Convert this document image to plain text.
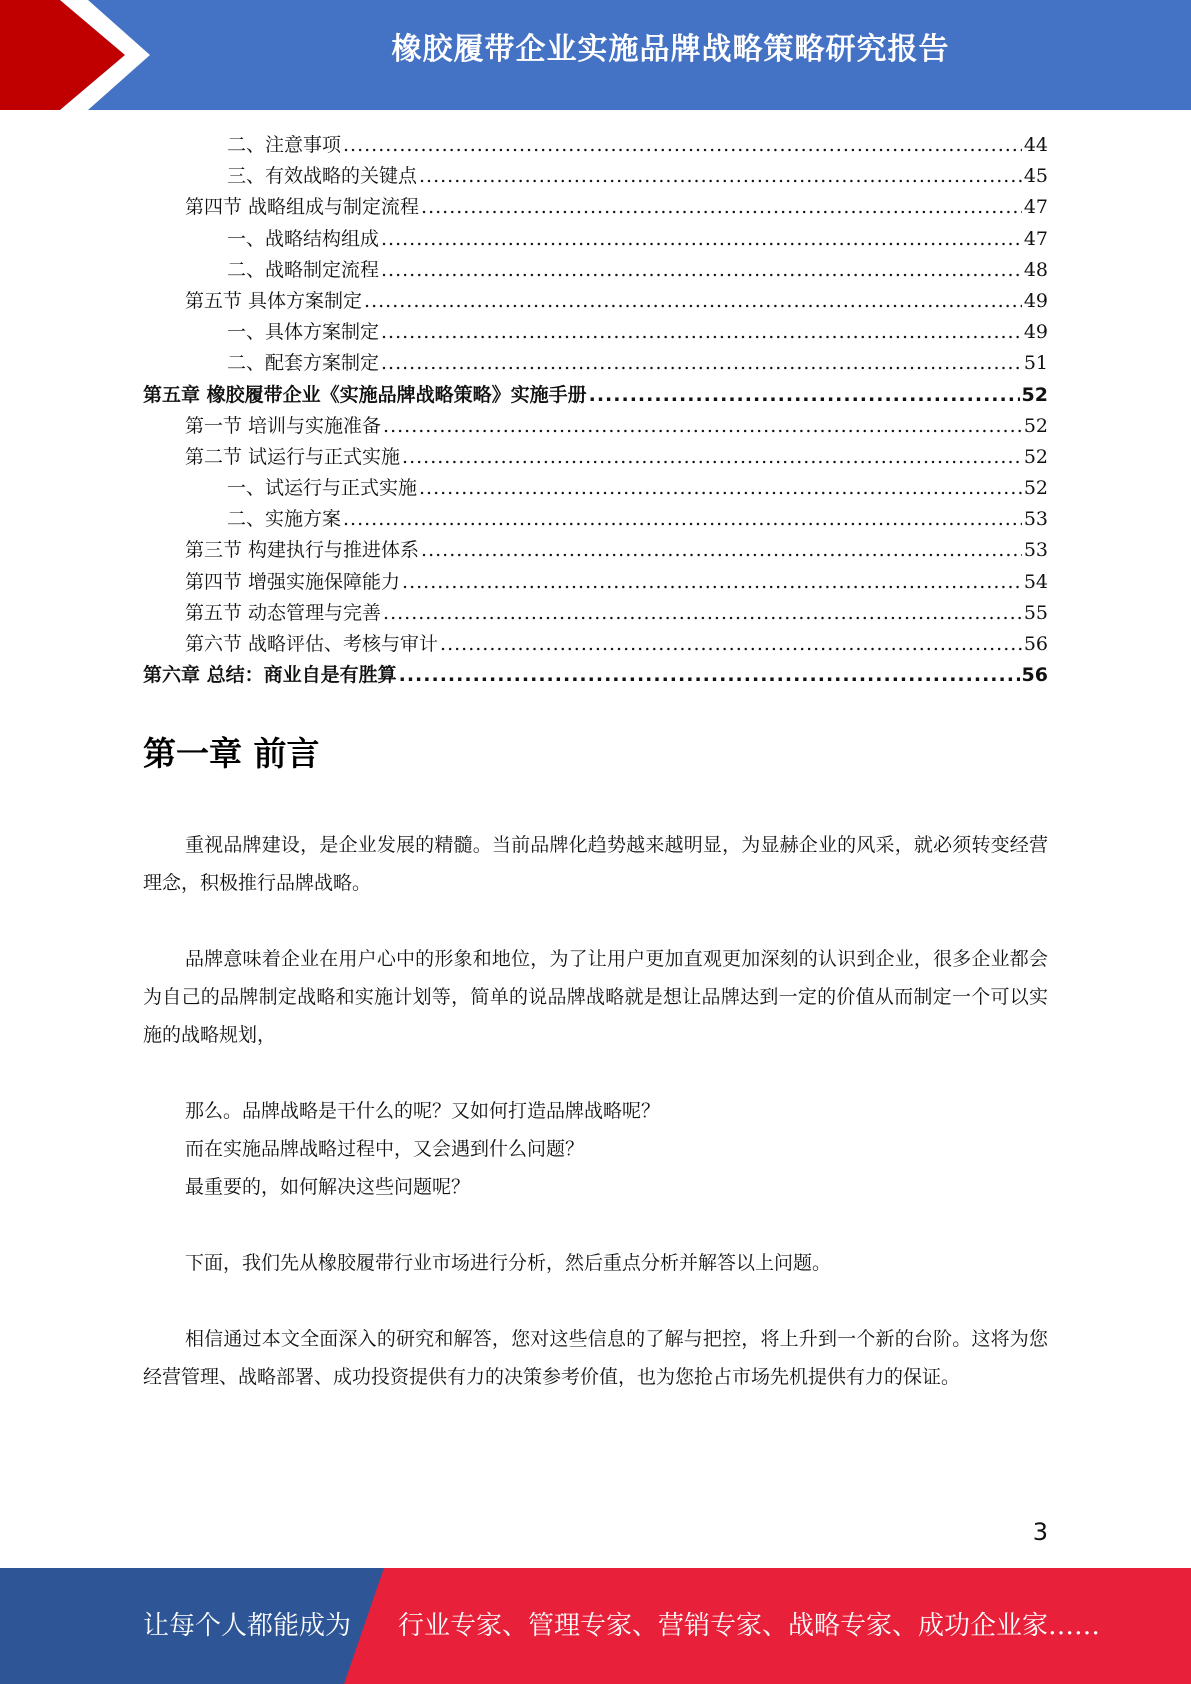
橡胶履带企业实施品牌战略策略研究报告
二、注意事项 .....	44
三、有效战略的关键点 .....	45
第四节 战略组成与制定流程 .....	47
一、战略结构组成 .....	47
二、战略制定流程 .....	48
第五节 具体方案制定 .....	49
一、具体方案制定 .....	49
二、配套方案制定 .....	51
第五章 橡胶履带企业《实施品牌战略策略》实施手册 .....	52
第一节 培训与实施准备 .....	52
第二节 试运行与正式实施 .....	52
一、试运行与正式实施 .....	52
二、实施方案 .....	53
第三节 构建执行与推进体系 .....	53
第四节 增强实施保障能力 .....	54
第五节 动态管理与完善 .....	55
第六节 战略评估、考核与审计 .....	56
第六章 总结：商业自是有胜算 .....	56
第一章 前言

重视品牌建设，是企业发展的精髓。当前品牌化趋势越来越明显，为显赫企业的风采，就必须转变经营理念，积极推行品牌战略。

品牌意味着企业在用户心中的形象和地位，为了让用户更加直观更加深刻的认识到企业，很多企业都会为自己的品牌制定战略和实施计划等，简单的说品牌战略就是想让品牌达到一定的价值从而制定一个可以实施的战略规划，

那么。品牌战略是干什么的呢？又如何打造品牌战略呢？

而在实施品牌战略过程中，又会遇到什么问题？

最重要的，如何解决这些问题呢？

下面，我们先从橡胶履带行业市场进行分析，然后重点分析并解答以上问题。

相信通过本文全面深入的研究和解答，您对这些信息的了解与把控，将上升到一个新的台阶。这将为您经营管理、战略部署、成功投资提供有力的决策参考价值，也为您抢占市场先机提供有力的保证。

3
让每个人都能成为 行业专家、管理专家、营销专家、战略专家、成功企业家……
